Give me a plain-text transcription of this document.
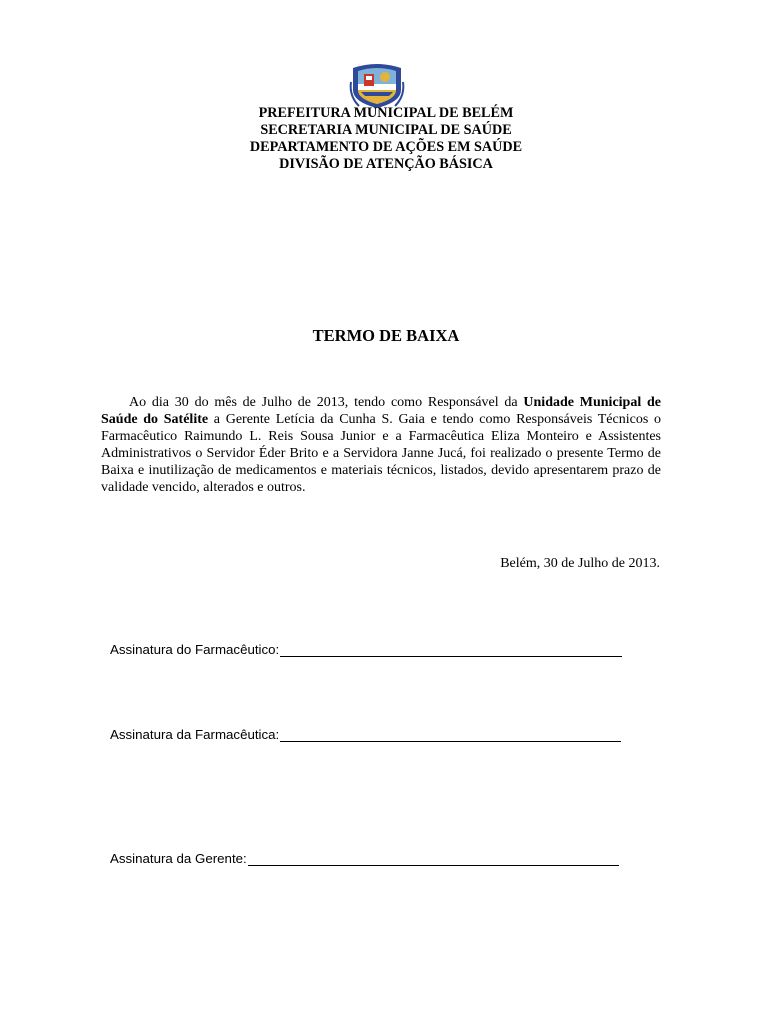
PREFEITURA MUNICIPAL DE BELÉM
SECRETARIA MUNICIPAL DE SAÚDE
DEPARTAMENTO DE AÇÕES EM SAÚDE
DIVISÃO DE ATENÇÃO BÁSICA
TERMO DE BAIXA
Ao dia 30 do mês de Julho de 2013, tendo como Responsável da Unidade Municipal de Saúde do Satélite a Gerente Letícia da Cunha S. Gaia e tendo como Responsáveis Técnicos o Farmacêutico Raimundo L. Reis Sousa Junior e a Farmacêutica Eliza Monteiro e Assistentes Administrativos o Servidor Éder Brito e a Servidora Janne Jucá, foi realizado o presente Termo de Baixa e inutilização de medicamentos e materiais técnicos, listados, devido apresentarem prazo de validade vencido, alterados e outros.
Belém, 30 de Julho de 2013.
Assinatura do Farmacêutico:
Assinatura da Farmacêutica:
Assinatura da Gerente:
